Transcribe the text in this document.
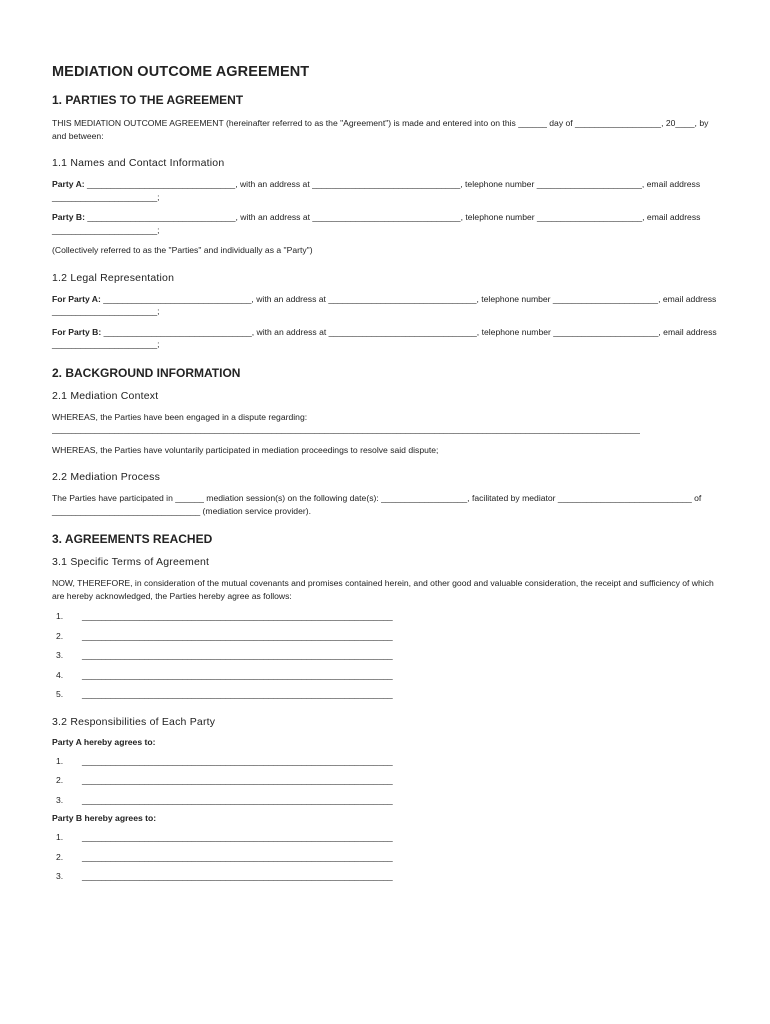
MEDIATION OUTCOME AGREEMENT
1. PARTIES TO THE AGREEMENT

THIS MEDIATION OUTCOME AGREEMENT (hereinafter referred to as the "Agreement") is made and entered into on this ______ day of __________________, 20____, by and between:

1.1 Names and Contact Information

Party A: _______________________________, with an address at _______________________________, telephone number ______________________, email address ______________________;

Party B: _______________________________, with an address at _______________________________, telephone number ______________________, email address ______________________;

(Collectively referred to as the "Parties" and individually as a "Party")

1.2 Legal Representation

For Party A: _______________________________, with an address at _______________________________, telephone number ______________________, email address ______________________;

For Party B: _______________________________, with an address at _______________________________, telephone number ______________________, email address ______________________;

2. BACKGROUND INFORMATION
2.1 Mediation Context

WHEREAS, the Parties have been engaged in a dispute regarding:

___________________________________________________________________________________________________________________________

WHEREAS, the Parties have voluntarily participated in mediation proceedings to resolve said dispute;

2.2 Mediation Process

The Parties have participated in ______ mediation session(s) on the following date(s): __________________, facilitated by mediator ____________________________ of _______________________________ (mediation service provider).

3. AGREEMENTS REACHED
3.1 Specific Terms of Agreement

NOW, THEREFORE, in consideration of the mutual covenants and promises contained herein, and other good and valuable consideration, the receipt and sufficiency of which are hereby acknowledged, the Parties hereby agree as follows:

1.	_________________________________________________________________
2.	_________________________________________________________________
3.	_________________________________________________________________
4.	_________________________________________________________________
5.	_________________________________________________________________
3.2 Responsibilities of Each Party
Party A hereby agrees to:
1.	_________________________________________________________________
2.	_________________________________________________________________
3.	_________________________________________________________________
Party B hereby agrees to:
1.	_________________________________________________________________
2.	_________________________________________________________________
3.	_________________________________________________________________
